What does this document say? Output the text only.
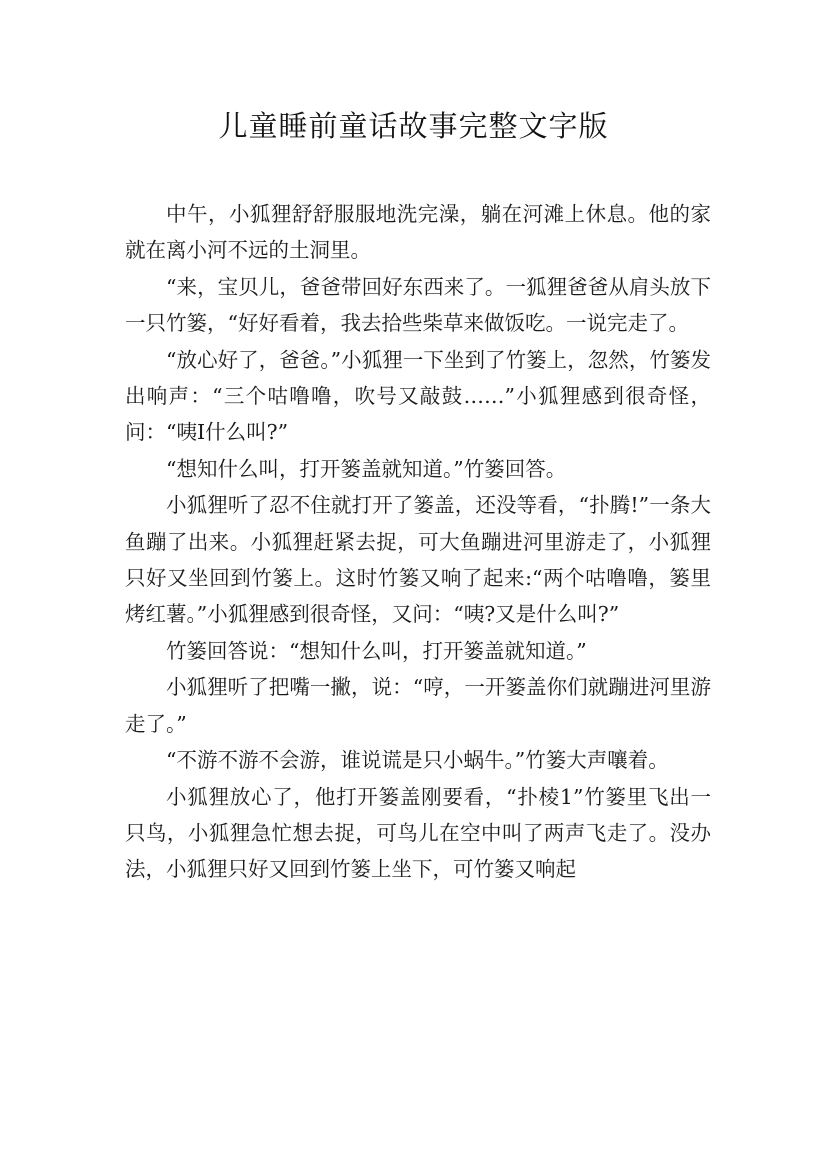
儿童睡前童话故事完整文字版

中午，小狐狸舒舒服服地洗完澡，躺在河滩上休息。他的家就在离小河不远的土洞里。

“来，宝贝儿，爸爸带回好东西来了。一狐狸爸爸从肩头放下一只竹篓，“好好看着，我去拾些柴草来做饭吃。一说完走了。

“放心好了，爸爸。”小狐狸一下坐到了竹篓上，忽然，竹篓发出响声：“三个咕噜噜，吹号又敲鼓……”小狐狸感到很奇怪，问：“咦I什么叫?”

“想知什么叫，打开篓盖就知道。”竹篓回答。

小狐狸听了忍不住就打开了篓盖，还没等看，“扑腾!”一条大鱼蹦了出来。小狐狸赶紧去捉，可大鱼蹦进河里游走了，小狐狸只好又坐回到竹篓上。这时竹篓又响了起来:“两个咕噜噜，篓里烤红薯。”小狐狸感到很奇怪，又问：“咦?又是什么叫?”

竹篓回答说：“想知什么叫，打开篓盖就知道。”

小狐狸听了把嘴一撇，说：“哼，一开篓盖你们就蹦进河里游走了。”

“不游不游不会游，谁说谎是只小蜗牛。”竹篓大声嚷着。

小狐狸放心了，他打开篓盖刚要看，“扑棱1”竹篓里飞出一只鸟，小狐狸急忙想去捉，可鸟儿在空中叫了两声飞走了。没办法，小狐狸只好又回到竹篓上坐下，可竹篓又响起
